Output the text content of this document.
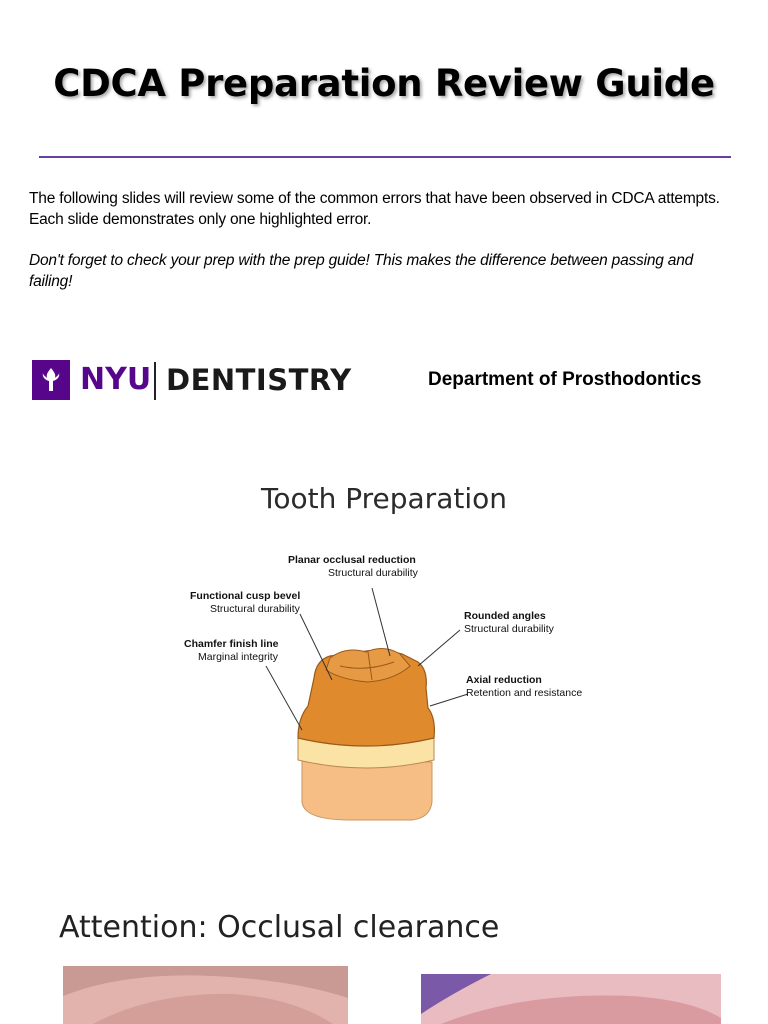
CDCA Preparation Review Guide
The following slides will review some of the common errors that have been observed in CDCA attempts. Each slide demonstrates only one highlighted error.
Don't forget to check your prep with the prep guide! This makes the difference between passing and failing!
NYU DENTISTRY	Department of Prosthodontics
Tooth Preparation
Planar occlusal reduction
Structural durability
Functional cusp bevel
Structural durability
Rounded angles
Structural durability
Chamfer finish line
Marginal integrity
Axial reduction
Retention and resistance
Attention: Occlusal clearance
